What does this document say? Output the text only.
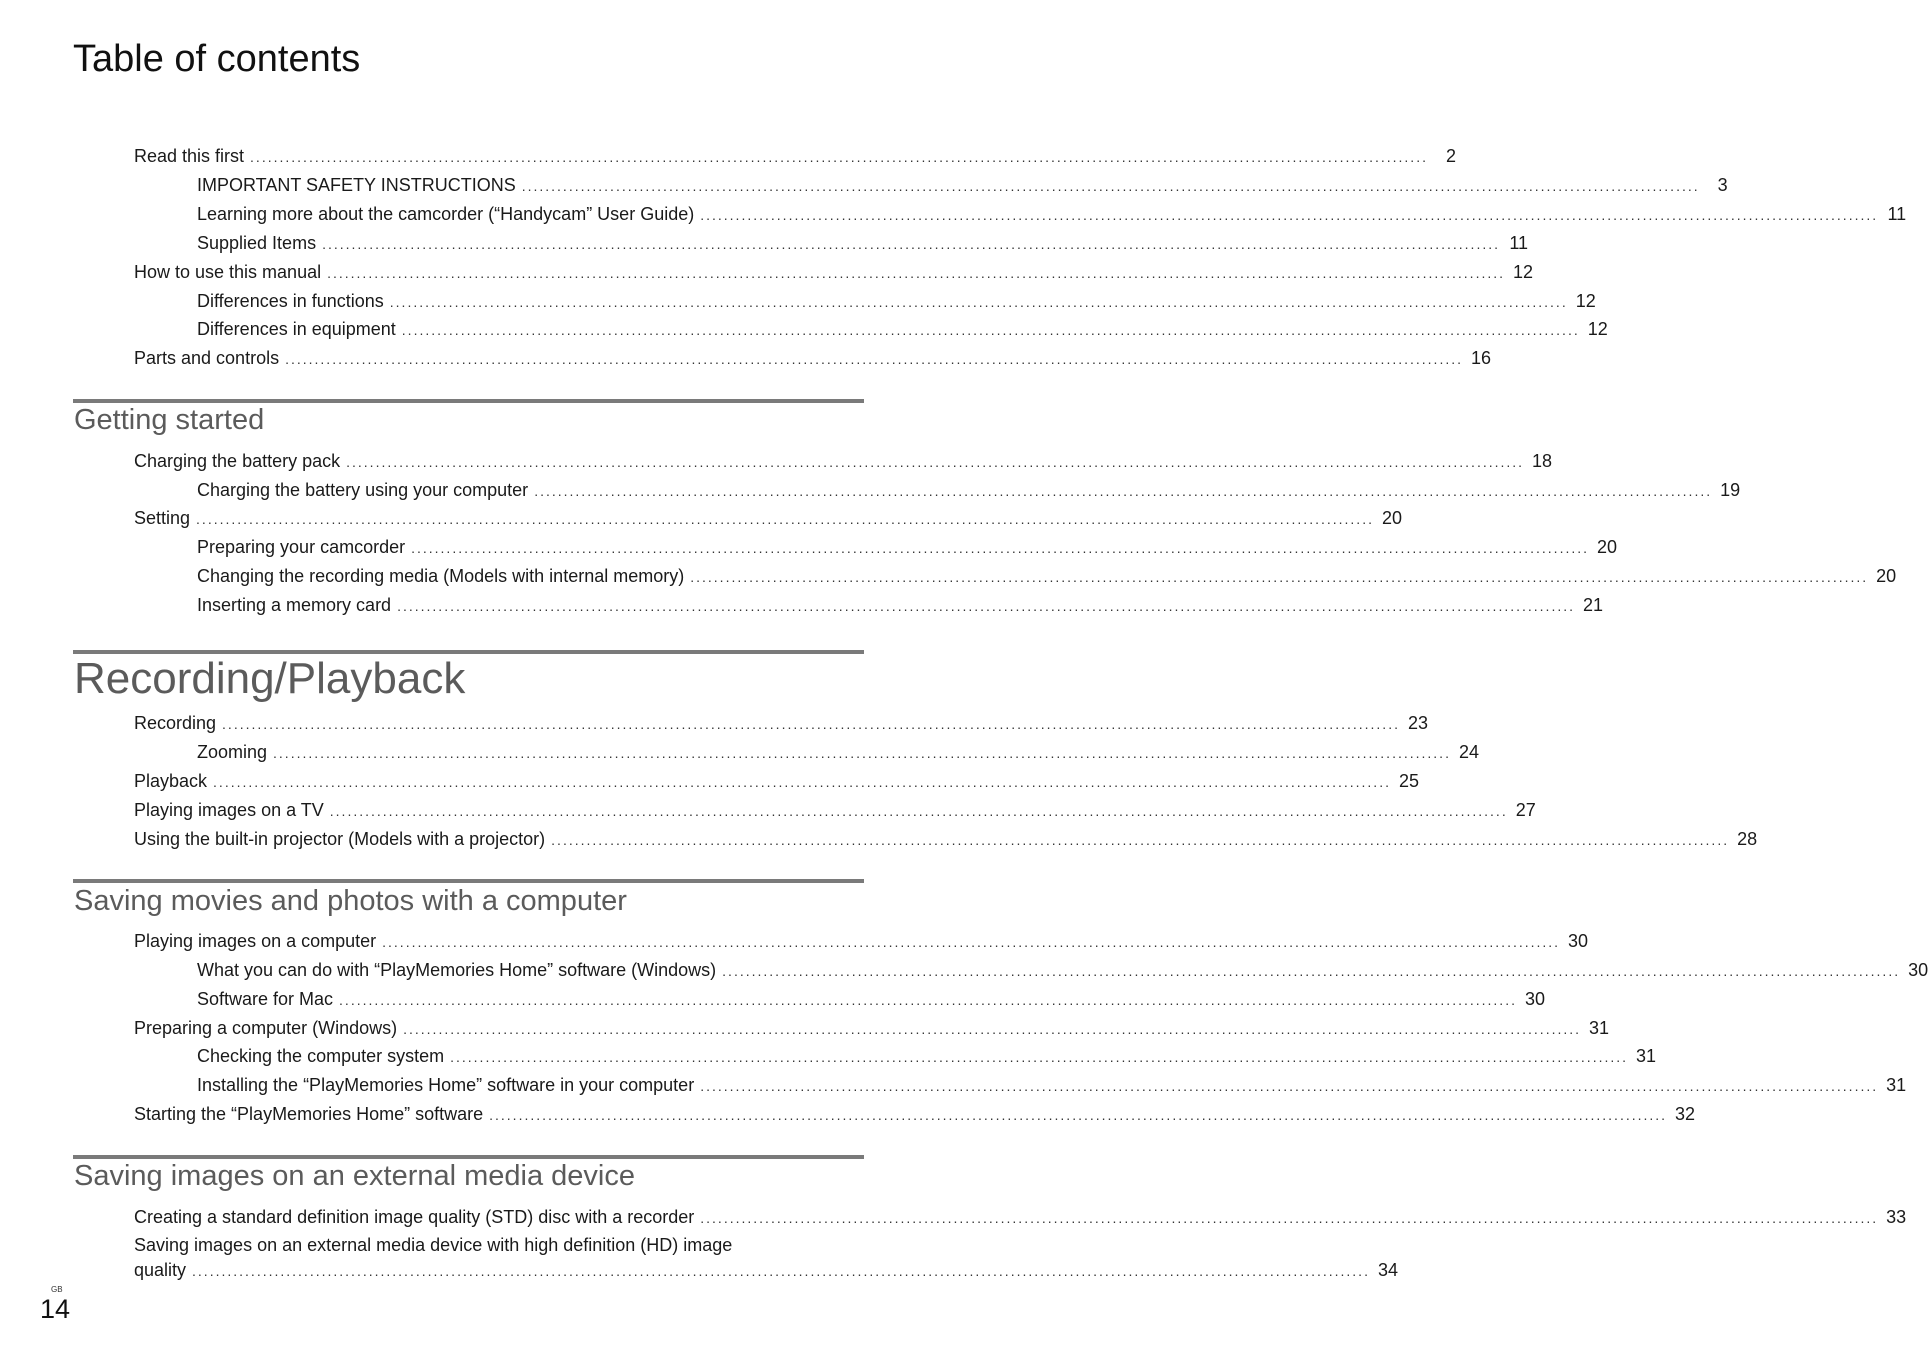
Table of contents
Read this first ........................................................................................................................................................................................................ 2
IMPORTANT SAFETY INSTRUCTIONS ........................................................................................................................................................................................................ 3
Learning more about the camcorder (“Handycam” User Guide) ........................................................................................................................................................................................................ 11
Supplied Items ........................................................................................................................................................................................................ 11
How to use this manual ........................................................................................................................................................................................................ 12
Differences in functions ........................................................................................................................................................................................................ 12
Differences in equipment ........................................................................................................................................................................................................ 12
Parts and controls ........................................................................................................................................................................................................ 16
Getting started
Charging the battery pack ........................................................................................................................................................................................................ 18
Charging the battery using your computer ........................................................................................................................................................................................................ 19
Setting ........................................................................................................................................................................................................ 20
Preparing your camcorder ........................................................................................................................................................................................................ 20
Changing the recording media (Models with internal memory) ........................................................................................................................................................................................................ 20
Inserting a memory card ........................................................................................................................................................................................................ 21
Recording/Playback
Recording ........................................................................................................................................................................................................ 23
Zooming ........................................................................................................................................................................................................ 24
Playback ........................................................................................................................................................................................................ 25
Playing images on a TV ........................................................................................................................................................................................................ 27
Using the built-in projector (Models with a projector) ........................................................................................................................................................................................................ 28
Saving movies and photos with a computer
Playing images on a computer ........................................................................................................................................................................................................ 30
What you can do with “PlayMemories Home” software (Windows) ........................................................................................................................................................................................................ 30
Software for Mac ........................................................................................................................................................................................................ 30
Preparing a computer (Windows) ........................................................................................................................................................................................................ 31
Checking the computer system ........................................................................................................................................................................................................ 31
Installing the “PlayMemories Home” software in your computer ........................................................................................................................................................................................................ 31
Starting the “PlayMemories Home” software ........................................................................................................................................................................................................ 32
Saving images on an external media device
Creating a standard definition image quality (STD) disc with a recorder ........................................................................................................................................................................................................ 33
Saving images on an external media device with high definition (HD) image
quality ........................................................................................................................................................................................................ 34
GB
14
